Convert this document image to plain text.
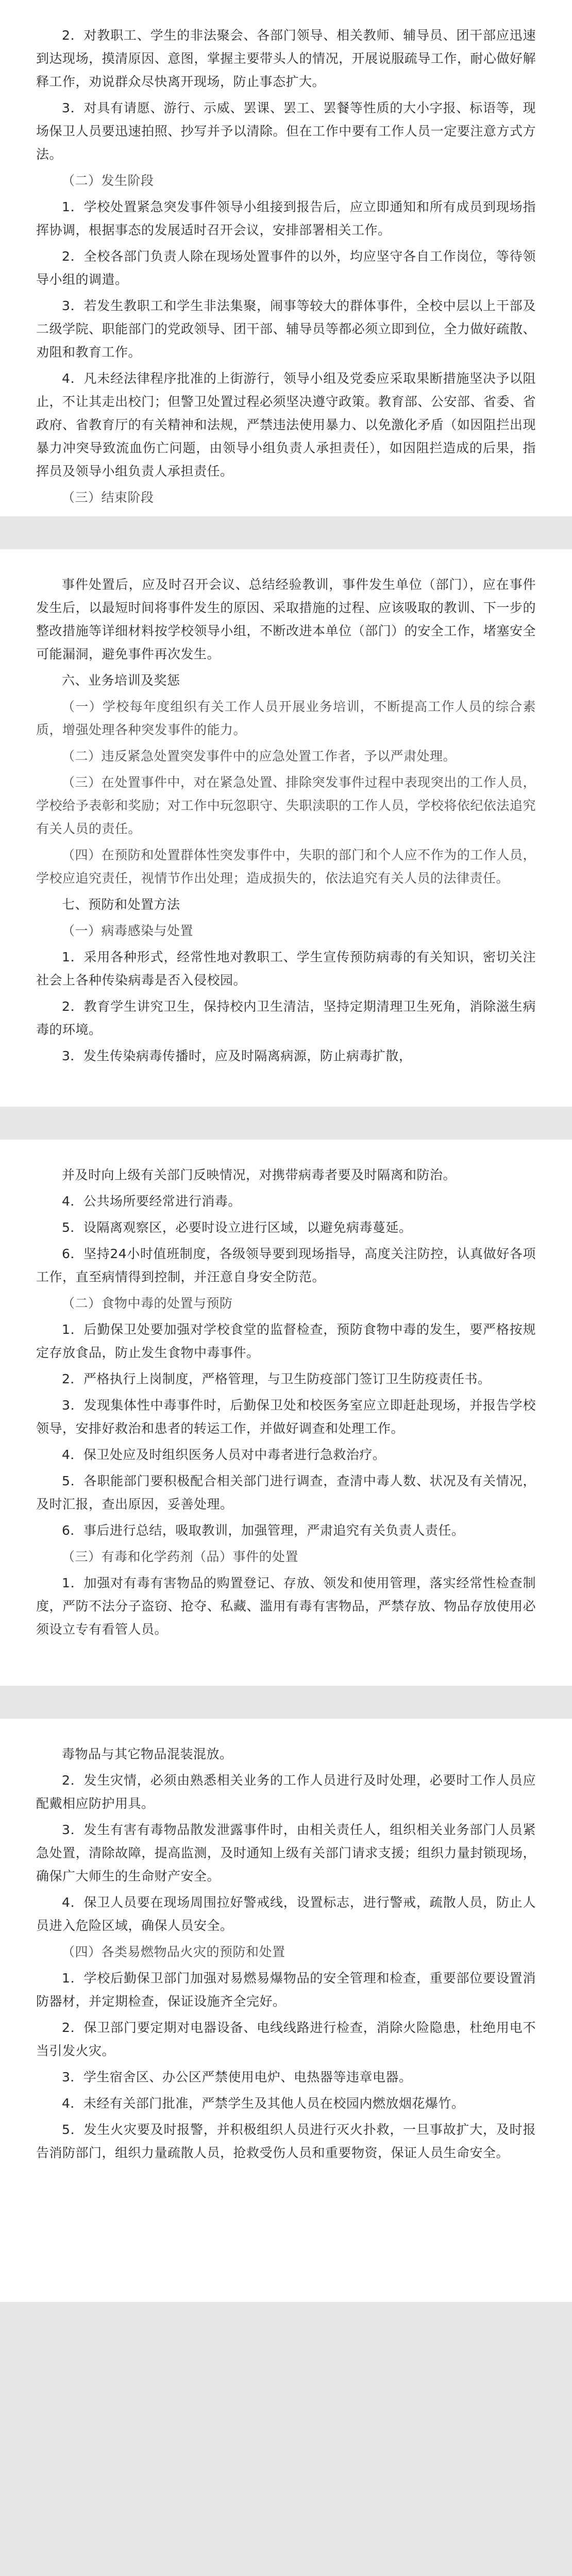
2．对教职工、学生的非法聚会、各部门领导、相关教师、辅导员、团干部应迅速到达现场，摸清原因、意图，掌握主要带头人的情况，开展说服疏导工作，耐心做好解释工作，劝说群众尽快离开现场，防止事态扩大。

3．对具有请愿、游行、示威、罢课、罢工、罢餐等性质的大小字报、标语等，现场保卫人员要迅速拍照、抄写并予以清除。但在工作中要有工作人员一定要注意方式方法。

（二）发生阶段

1．学校处置紧急突发事件领导小组接到报告后，应立即通知和所有成员到现场指挥协调，根据事态的发展适时召开会议，安排部署相关工作。

2．全校各部门负责人除在现场处置事件的以外，均应坚守各自工作岗位，等待领导小组的调遣。

3．若发生教职工和学生非法集聚，闹事等较大的群体事件，全校中层以上干部及二级学院、职能部门的党政领导、团干部、辅导员等都必须立即到位，全力做好疏散、劝阻和教育工作。

4．凡未经法律程序批准的上街游行，领导小组及党委应采取果断措施坚决予以阻止，不让其走出校门；但警卫处置过程必须坚决遵守政策。教育部、公安部、省委、省政府、省教育厅的有关精神和法规，严禁违法使用暴力、以免激化矛盾（如因阻拦出现暴力冲突导致流血伤亡问题，由领导小组负责人承担责任），如因阻拦造成的后果，指挥员及领导小组负责人承担责任。

（三）结束阶段

事件处置后，应及时召开会议、总结经验教训，事件发生单位（部门），应在事件发生后，以最短时间将事件发生的原因、采取措施的过程、应该吸取的教训、下一步的整改措施等详细材料按学校领导小组，不断改进本单位（部门）的安全工作，堵塞安全可能漏洞，避免事件再次发生。

六、业务培训及奖惩

（一）学校每年度组织有关工作人员开展业务培训，不断提高工作人员的综合素质，增强处理各种突发事件的能力。

（二）违反紧急处置突发事件中的应急处置工作者，予以严肃处理。

（三）在处置事件中，对在紧急处置、排除突发事件过程中表现突出的工作人员，学校给予表彰和奖励；对工作中玩忽职守、失职渎职的工作人员，学校将依纪依法追究有关人员的责任。

（四）在预防和处置群体性突发事件中，失职的部门和个人应不作为的工作人员，学校应追究责任，视情节作出处理；造成损失的，依法追究有关人员的法律责任。

七、预防和处置方法

（一）病毒感染与处置

1．采用各种形式，经常性地对教职工、学生宣传预防病毒的有关知识，密切关注社会上各种传染病毒是否入侵校园。

2．教育学生讲究卫生，保持校内卫生清洁，坚持定期清理卫生死角，消除滋生病毒的环境。

3．发生传染病毒传播时，应及时隔离病源，防止病毒扩散，

并及时向上级有关部门反映情况，对携带病毒者要及时隔离和防治。

4．公共场所要经常进行消毒。

5．设隔离观察区，必要时设立进行区域，以避免病毒蔓延。

6．坚持24小时值班制度，各级领导要到现场指导，高度关注防控，认真做好各项工作，直至病情得到控制，并汪意自身安全防范。

（二）食物中毒的处置与预防

1．后勤保卫处要加强对学校食堂的监督检查，预防食物中毒的发生，要严格按规定存放食品，防止发生食物中毒事件。

2．严格执行上岗制度，严格管理，与卫生防疫部门签订卫生防疫责任书。

3．发现集体性中毒事件时，后勤保卫处和校医务室应立即赶赴现场，并报告学校领导，安排好救治和患者的转运工作，并做好调查和处理工作。

4．保卫处应及时组织医务人员对中毒者进行急救治疗。

5．各职能部门要积极配合相关部门进行调查，查清中毒人数、状况及有关情况，及时汇报，查出原因，妥善处理。

6．事后进行总结，吸取教训，加强管理，严肃追究有关负责人责任。

（三）有毒和化学药剂（品）事件的处置

1．加强对有毒有害物品的购置登记、存放、领发和使用管理，落实经常性检查制度，严防不法分子盗窃、抢夺、私藏、滥用有毒有害物品，严禁存放、物品存放使用必须设立专有看管人员。

毒物品与其它物品混装混放。

2．发生灾情，必须由熟悉相关业务的工作人员进行及时处理，必要时工作人员应配戴相应防护用具。

3．发生有害有毒物品散发泄露事件时，由相关责任人，组织相关业务部门人员紧急处置，清除故障，提高监测，及时通知上级有关部门请求支援；组织力量封锁现场，确保广大师生的生命财产安全。

4．保卫人员要在现场周围拉好警戒线，设置标志，进行警戒，疏散人员，防止人员进入危险区域，确保人员安全。

（四）各类易燃物品火灾的预防和处置

1．学校后勤保卫部门加强对易燃易爆物品的安全管理和检查，重要部位要设置消防器材，并定期检查，保证设施齐全完好。

2．保卫部门要定期对电器设备、电线线路进行检查，消除火险隐患，杜绝用电不当引发火灾。

3．学生宿舍区、办公区严禁使用电炉、电热器等违章电器。

4．未经有关部门批准，严禁学生及其他人员在校园内燃放烟花爆竹。

5．发生火灾要及时报警，并积极组织人员进行灭火扑救，一旦事故扩大，及时报告消防部门，组织力量疏散人员，抢救受伤人员和重要物资，保证人员生命安全。
